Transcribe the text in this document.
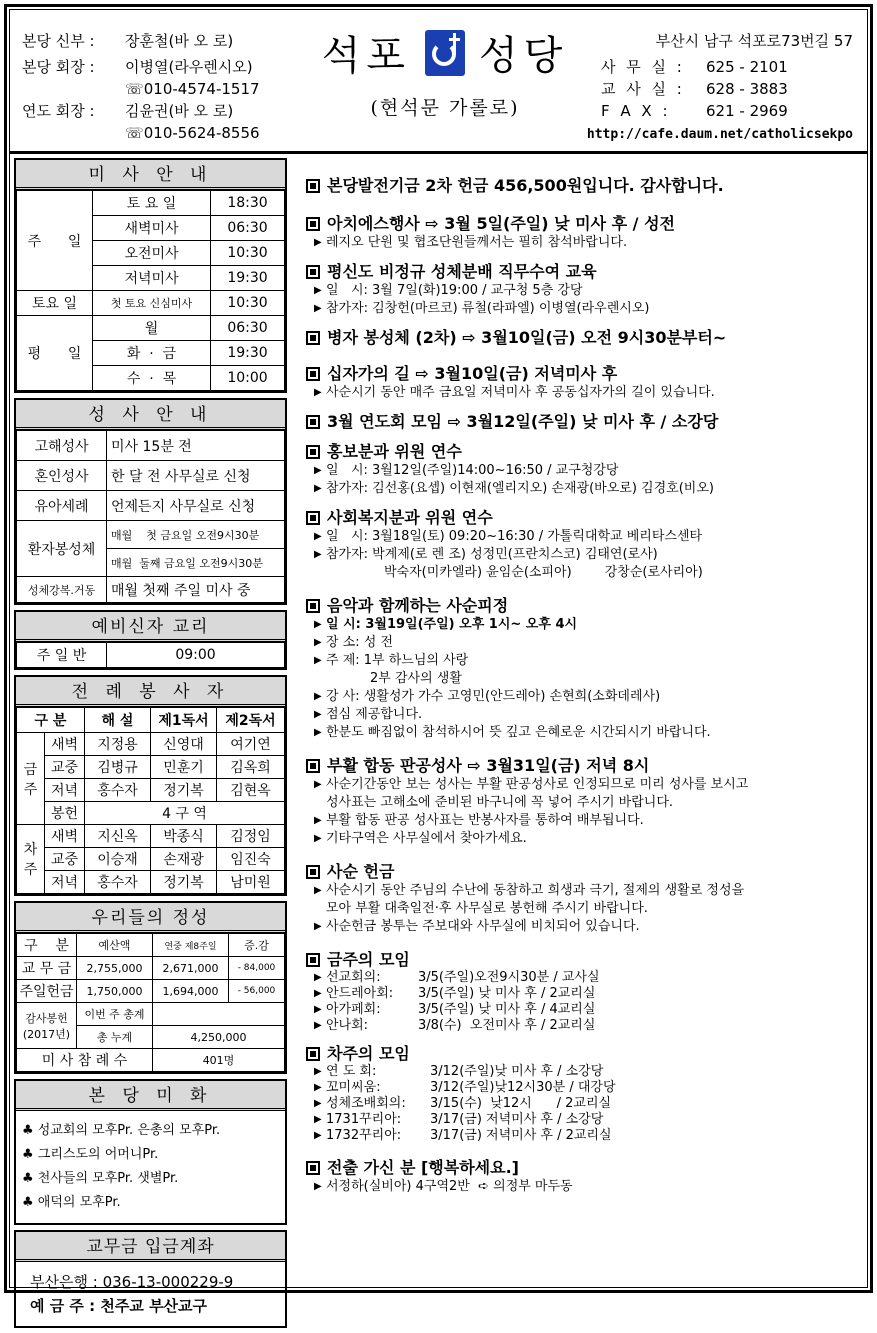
본당 신부 :	장훈철(바 오 로)
본당 회장 :	이병열(라우렌시오)
☏010-4574-1517
연도 회장 :	김윤권(바 오 로)
☏010-5624-8556
석포 성당
(현석문 가롤로)
부산시 남구 석포로73번길 57
사 무 실 :	625 - 2101
교 사 실 :	628 - 3883
F A X :	621 - 2969
http://cafe.daum.net/catholicsekpo
미 사 안 내
주      일	토 요 일	18:30
	새벽미사	06:30
	오전미사	10:30
	저녁미사	19:30
토요 일	첫 토요 신심미사	10:30
평      일	월	06:30
	화  ·  금	19:30
	수  ·  목	10:00
성 사 안 내
고해성사	미사 15분 전
혼인성사	한 달 전 사무실로 신청
유아세례	언제든지 사무실로 신청
환자봉성체	매월    첫 금요일 오전9시30분
	매월  둘째 금요일 오전9시30분
성체강복.거동	매월 첫째 주일 미사 중
예비신자 교리
주 일 반	09:00
전 례 봉 사 자
구 분		해 설	제1독서	제2독서
금 주	새벽	지정용	신영대	여기연
	교중	김병규	민훈기	김옥희
	저녁	홍수자	정기복	김현옥
	봉헌	4 구 역		
차 주	새벽	지신옥	박종식	김정임
	교중	이승재	손재광	임진숙
	저녁	홍수자	정기복	남미원
우리들의 정성
구    분	예산액	연중 제8주일	증.감
교 무 금	2,755,000	2,671,000	- 84,000
주일헌금	1,750,000	1,694,000	- 56,000
감사봉헌
(2017년)	이번 주 총계		
	총 누계	4,250,000	
미 사 참 례 수		401명	
본 당 미 화
♣ 성교회의 모후Pr. 은총의 모후Pr.
♣ 그리스도의 어머니Pr.
♣ 천사들의 모후Pr. 샛별Pr.
♣ 애덕의 모후Pr.
교무금 입금계좌
부산은행 : 036-13-000229-9
예 금 주 : 천주교 부산교구
본당발전기금 2차 헌금 456,500원입니다. 감사합니다.
아치에스행사 ⇨ 3월 5일(주일) 낮 미사 후 / 성전
▶ 레지오 단원 및 협조단원들께서는 필히 참석바랍니다.
평신도 비정규 성체분배 직무수여 교육
▶ 일   시: 3월 7일(화)19:00 / 교구청 5층 강당
▶ 참가자: 김창헌(마르코) 류철(라파엘) 이병열(라우렌시오)
병자 봉성체 (2차) ⇨ 3월10일(금) 오전 9시30분부터~
십자가의 길 ⇨ 3월10일(금) 저녁미사 후
▶ 사순시기 동안 매주 금요일 저녁미사 후 공동십자가의 길이 있습니다.
3월 연도회 모임 ⇨ 3월12일(주일) 낮 미사 후 / 소강당
홍보분과 위원 연수
▶ 일   시: 3월12일(주일)14:00~16:50 / 교구청강당
▶ 참가자: 김선홍(요셉) 이현재(엘리지오) 손재광(바오로) 김경호(비오)
사회복지분과 위원 연수
▶ 일   시: 3월18일(토) 09:20~16:30 / 가톨릭대학교 베리타스센타
▶ 참가자: 박계제(로 렌 조) 성정민(프란치스코) 김태연(로사)
박숙자(미카엘라) 윤임순(소피아)        강창순(로사리아)
음악과 함께하는 사순피정
▶ 일 시: 3월19일(주일) 오후 1시~ 오후 4시
▶ 장 소: 성 전
▶ 주 제: 1부 하느님의 사랑
2부 감사의 생활
▶ 강 사: 생활성가 가수 고영민(안드레아) 손현희(소화데레사)
▶ 점심 제공합니다.
▶ 한분도 빠짐없이 참석하시어 뜻 깊고 은혜로운 시간되시기 바랍니다.
부활 합동 판공성사 ⇨ 3월31일(금) 저녁 8시
▶ 사순기간동안 보는 성사는 부활 판공성사로 인정되므로 미리 성사를 보시고
성사표는 고해소에 준비된 바구니에 꼭 넣어 주시기 바랍니다.
▶ 부활 합동 판공 성사표는 반봉사자를 통하여 배부됩니다.
▶ 기타구역은 사무실에서 찾아가세요.
사순 헌금
▶ 사순시기 동안 주님의 수난에 동참하고 희생과 극기, 절제의 생활로 정성을
모아 부활 대축일전·후 사무실로 봉헌해 주시기 바랍니다.
▶ 사순헌금 봉투는 주보대와 사무실에 비치되어 있습니다.
금주의 모임
▶ 선교회의:	3/5(주일)오전9시30분 / 교사실
▶ 안드레아회:	3/5(주일) 낮 미사 후 / 2교리실
▶ 아가페회:	3/5(주일) 낮 미사 후 / 4교리실
▶ 안나회:	3/8(수)  오전미사 후 / 2교리실
차주의 모임
▶ 연 도 회:	3/12(주일)낮 미사 후 / 소강당
▶ 꼬미씨움:	3/12(주일)낮12시30분 / 대강당
▶ 성체조배회의:	3/15(수)  낮12시      / 2교리실
▶ 1731꾸리아:	3/17(금) 저녁미사 후 / 소강당
▶ 1732꾸리아:	3/17(금) 저녁미사 후 / 2교리실
전출 가신 분 [행복하세요.]
▶ 서정하(실비아) 4구역2반  ➪ 의정부 마두동
